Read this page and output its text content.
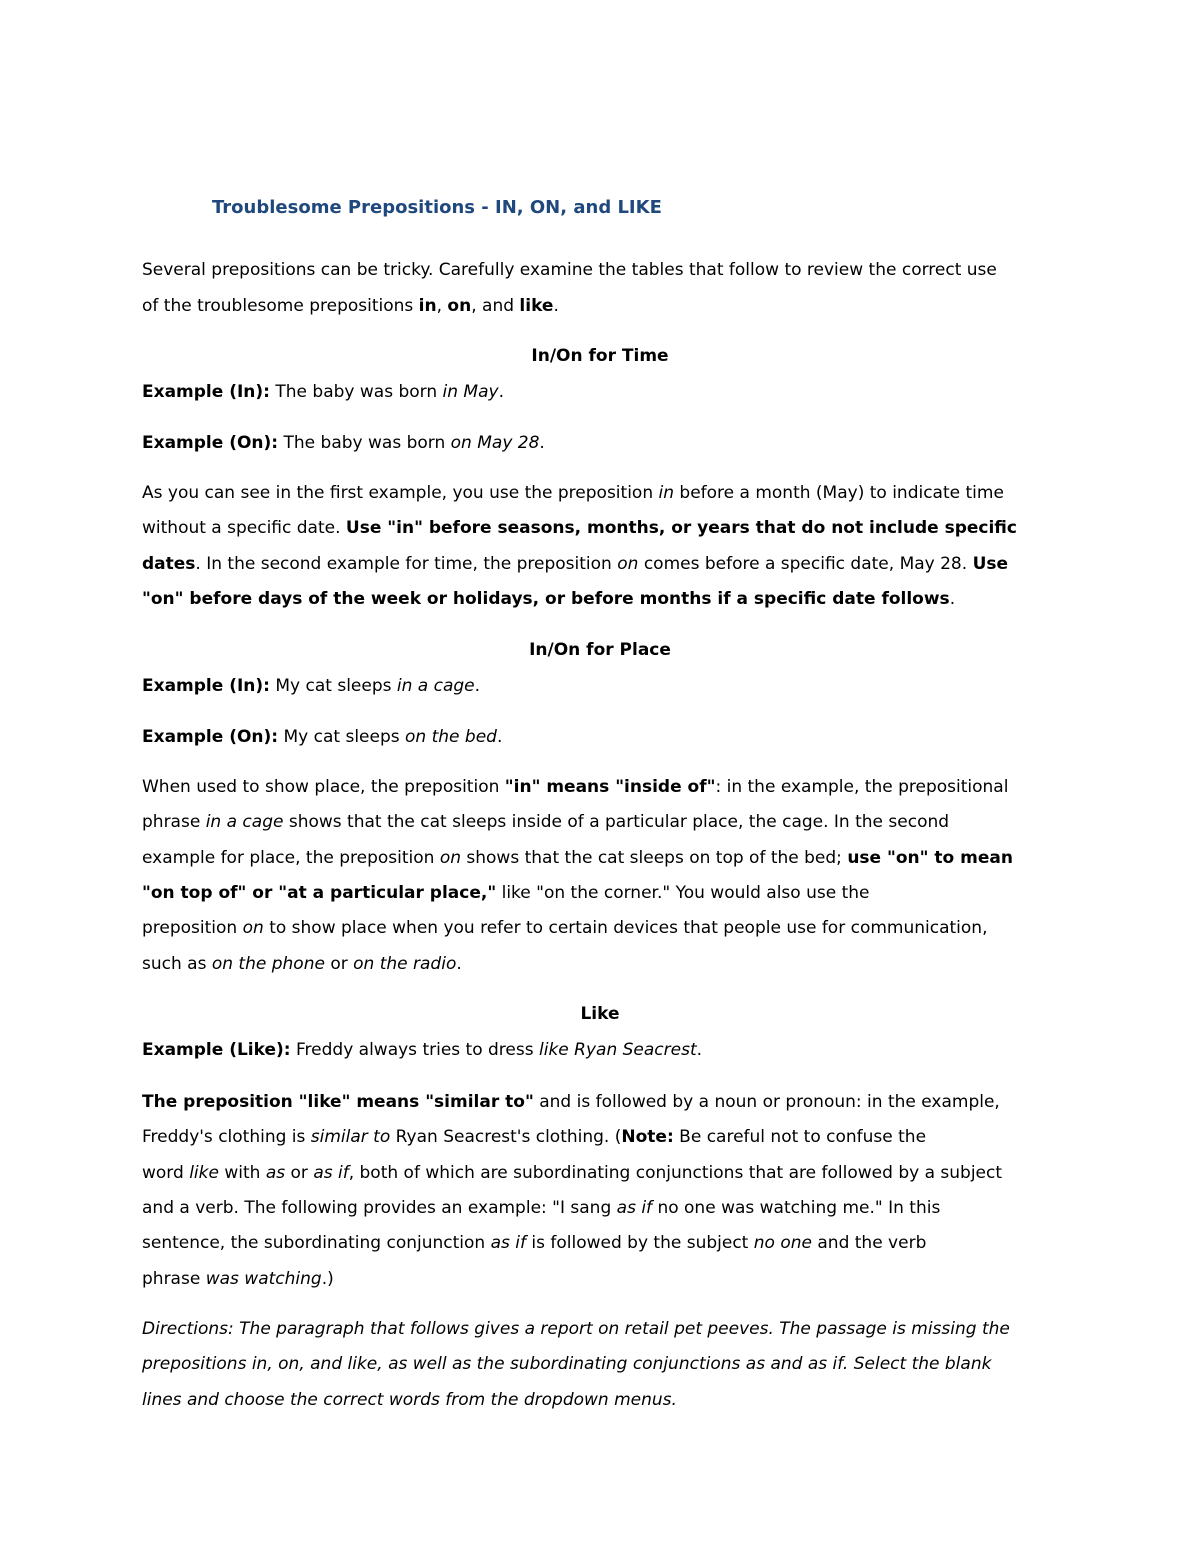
Troublesome Prepositions - IN, ON, and LIKE

Several prepositions can be tricky. Carefully examine the tables that follow to review the correct use

of the troublesome prepositions in, on, and like.

In/On for Time

Example (In): The baby was born in May.

Example (On): The baby was born on May 28.

As you can see in the first example, you use the preposition in before a month (May) to indicate time

without a specific date. Use "in" before seasons, months, or years that do not include specific

dates. In the second example for time, the preposition on comes before a specific date, May 28. Use

"on" before days of the week or holidays, or before months if a specific date follows.

In/On for Place

Example (In): My cat sleeps in a cage.

Example (On): My cat sleeps on the bed.

When used to show place, the preposition "in" means "inside of": in the example, the prepositional

phrase in a cage shows that the cat sleeps inside of a particular place, the cage. In the second

example for place, the preposition on shows that the cat sleeps on top of the bed; use "on" to mean

"on top of" or "at a particular place," like "on the corner." You would also use the

preposition on to show place when you refer to certain devices that people use for communication,

such as on the phone or on the radio.

Like

Example (Like): Freddy always tries to dress like Ryan Seacrest.

The preposition "like" means "similar to" and is followed by a noun or pronoun: in the example,

Freddy's clothing is similar to Ryan Seacrest's clothing. (Note: Be careful not to confuse the

word like with as or as if, both of which are subordinating conjunctions that are followed by a subject

and a verb. The following provides an example: "I sang as if no one was watching me." In this

sentence, the subordinating conjunction as if is followed by the subject no one and the verb

phrase was watching.)

Directions: The paragraph that follows gives a report on retail pet peeves. The passage is missing the

prepositions in, on, and like, as well as the subordinating conjunctions as and as if. Select the blank

lines and choose the correct words from the dropdown menus.
